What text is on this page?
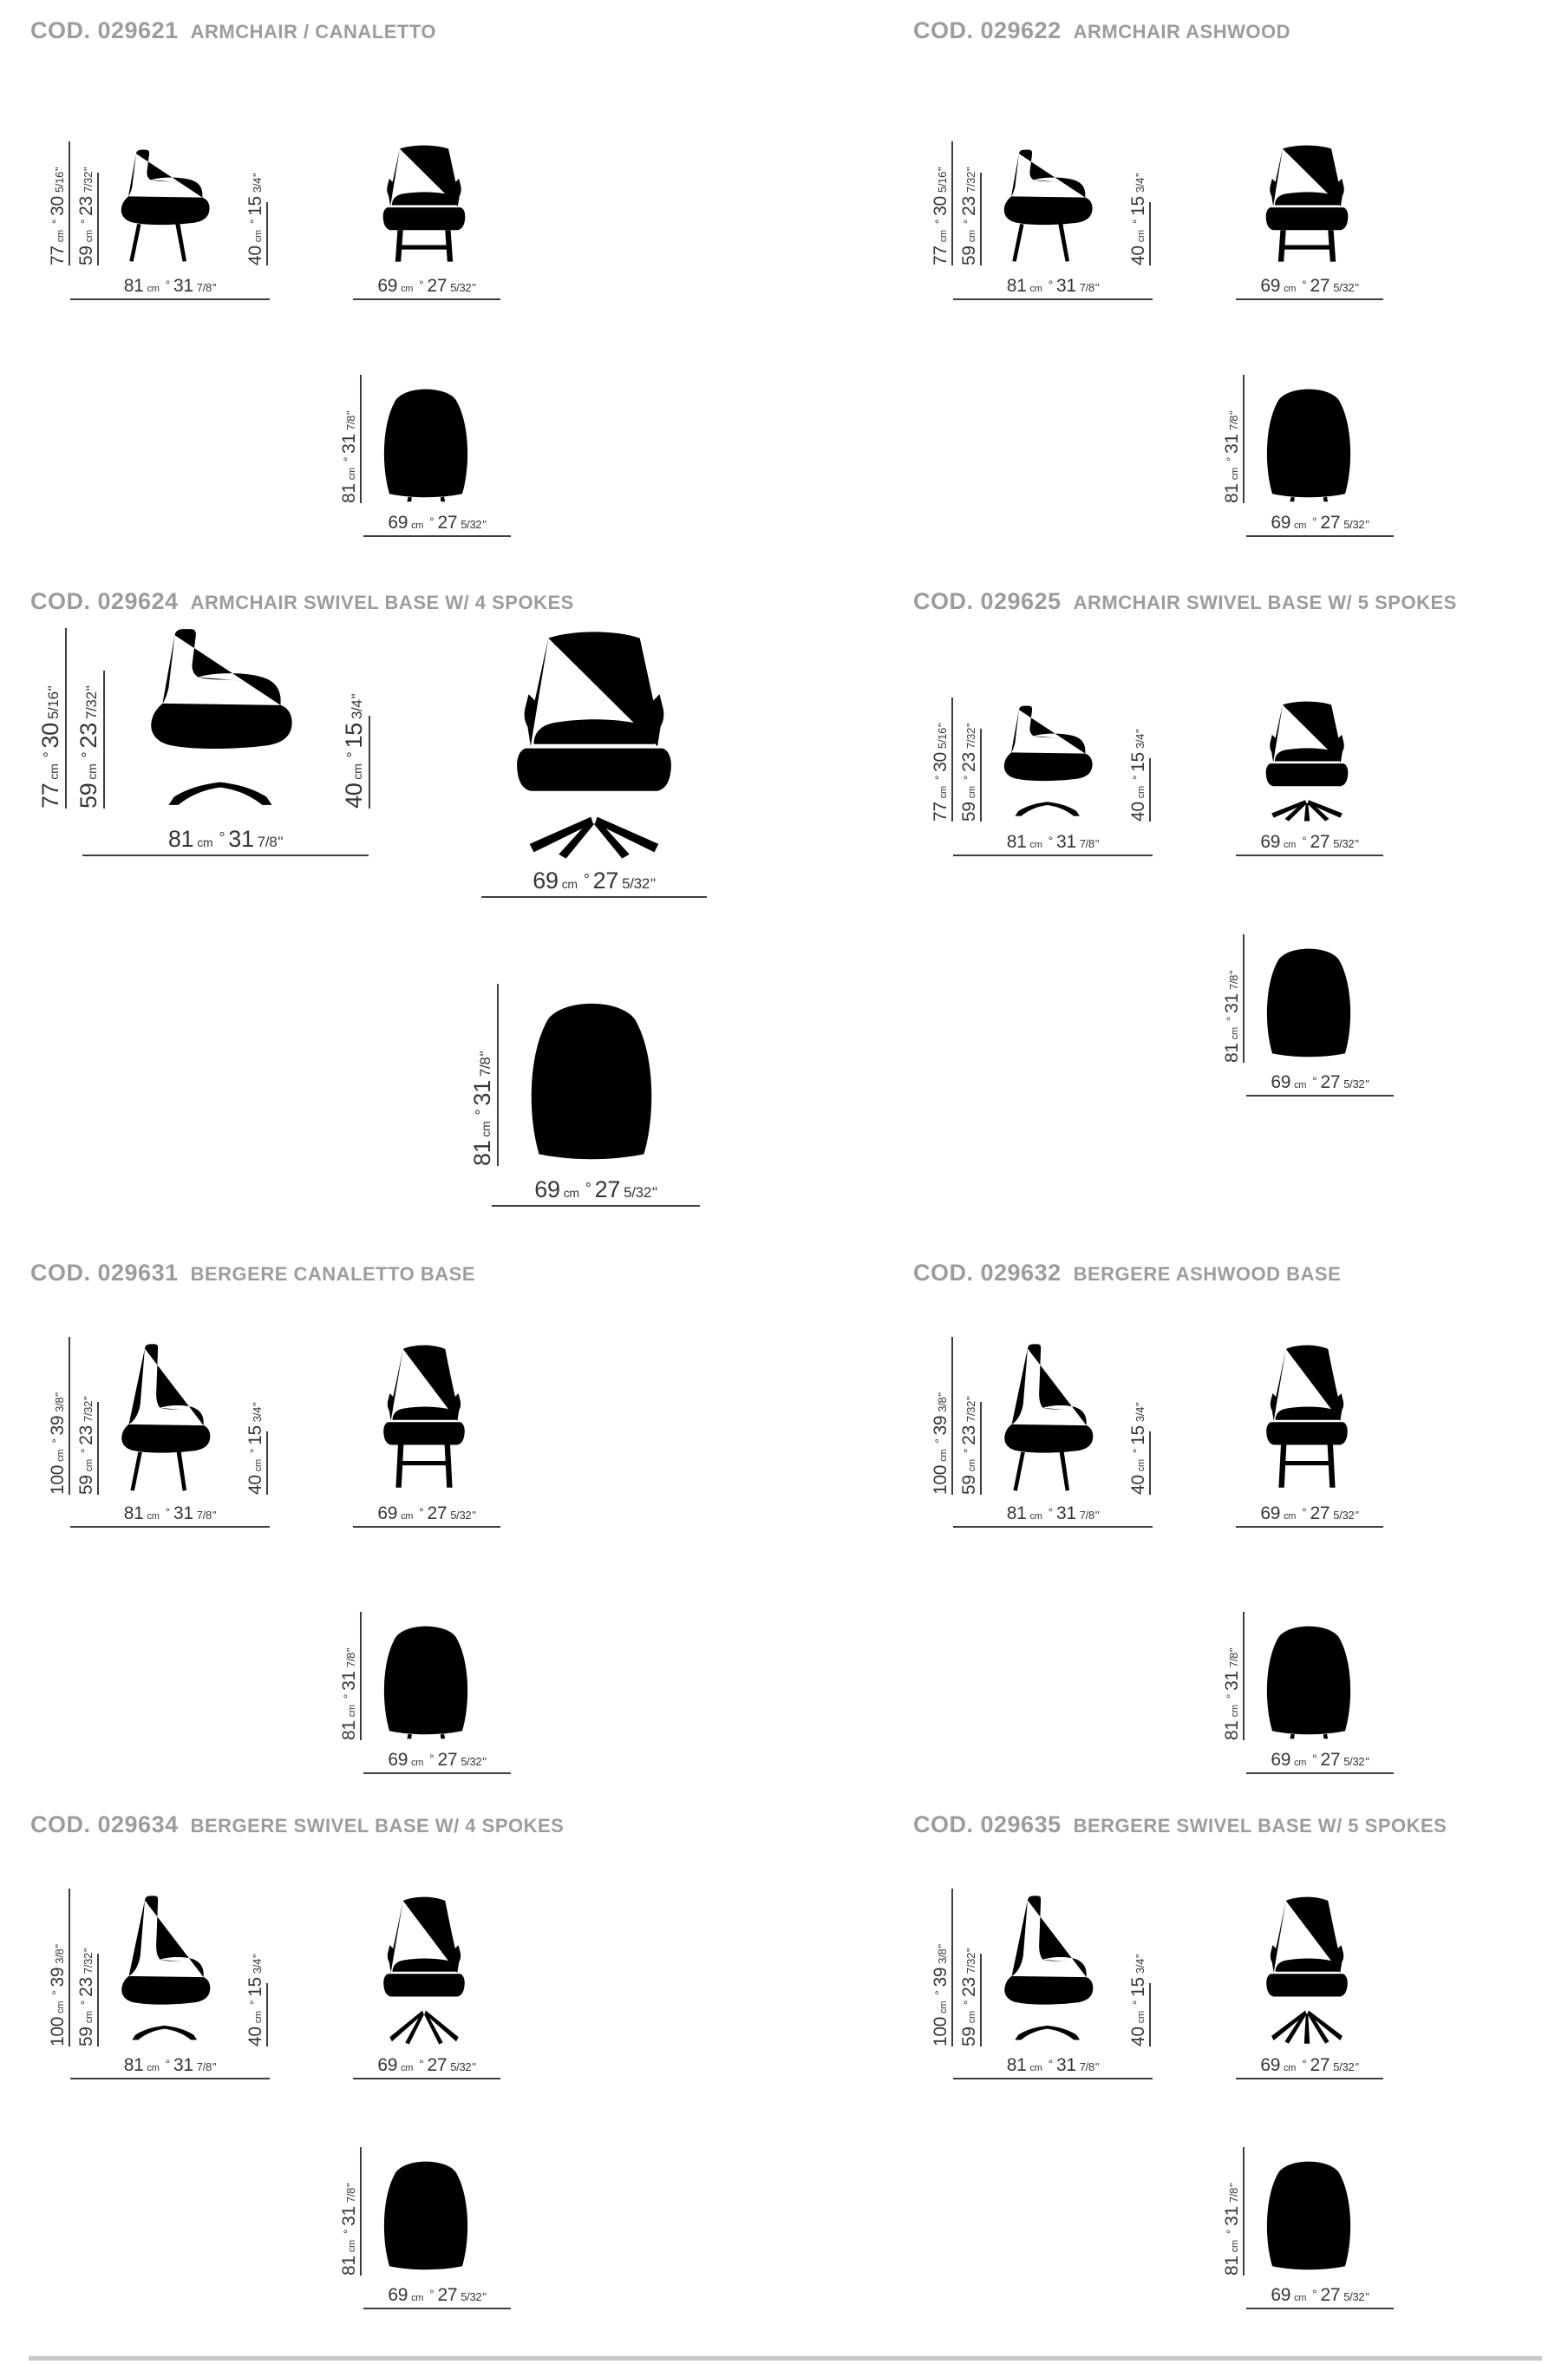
COD. 029621 ARMCHAIR / CANALETTO
77cm°305/16"
59cm°237/32"
40cm°153/4"
81 cm ° 31 7/8"	69 cm ° 27 5/32"
81cm°317/8"
69 cm ° 27 5/32"
COD. 029622 ARMCHAIR ASHWOOD
77cm°305/16"
59cm°237/32"
40cm°153/4"
81 cm ° 31 7/8"	69 cm ° 27 5/32"
81cm°317/8"
69 cm ° 27 5/32"
COD. 029624 ARMCHAIR SWIVEL BASE W/ 4 SPOKES
77cm°305/16"
59cm°237/32"
40cm°153/4"
81 cm ° 31 7/8"
69 cm ° 27 5/32"
81cm°317/8"
69 cm ° 27 5/32"
COD. 029625 ARMCHAIR SWIVEL BASE W/ 5 SPOKES
77cm°305/16"
59cm°237/32"
40cm°153/4"
81 cm ° 31 7/8"	69 cm ° 27 5/32"
81cm°317/8"
69 cm ° 27 5/32"
COD. 029631 BERGERE CANALETTO BASE
100cm°393/8"
59cm°237/32"
40cm°153/4"
81 cm ° 31 7/8"	69 cm ° 27 5/32"
81cm°317/8"
69 cm ° 27 5/32"
COD. 029632 BERGERE ASHWOOD BASE
100cm°393/8"
59cm°237/32"
40cm°153/4"
81 cm ° 31 7/8"	69 cm ° 27 5/32"
81cm°317/8"
69 cm ° 27 5/32"
COD. 029634 BERGERE SWIVEL BASE W/ 4 SPOKES
100cm°393/8"
59cm°237/32"
40cm°153/4"
81 cm ° 31 7/8"	69 cm ° 27 5/32"
81cm°317/8"
69 cm ° 27 5/32"
COD. 029635 BERGERE SWIVEL BASE W/ 5 SPOKES
100cm°393/8"
59cm°237/32"
40cm°153/4"
81 cm ° 31 7/8"	69 cm ° 27 5/32"
81cm°317/8"
69 cm ° 27 5/32"
